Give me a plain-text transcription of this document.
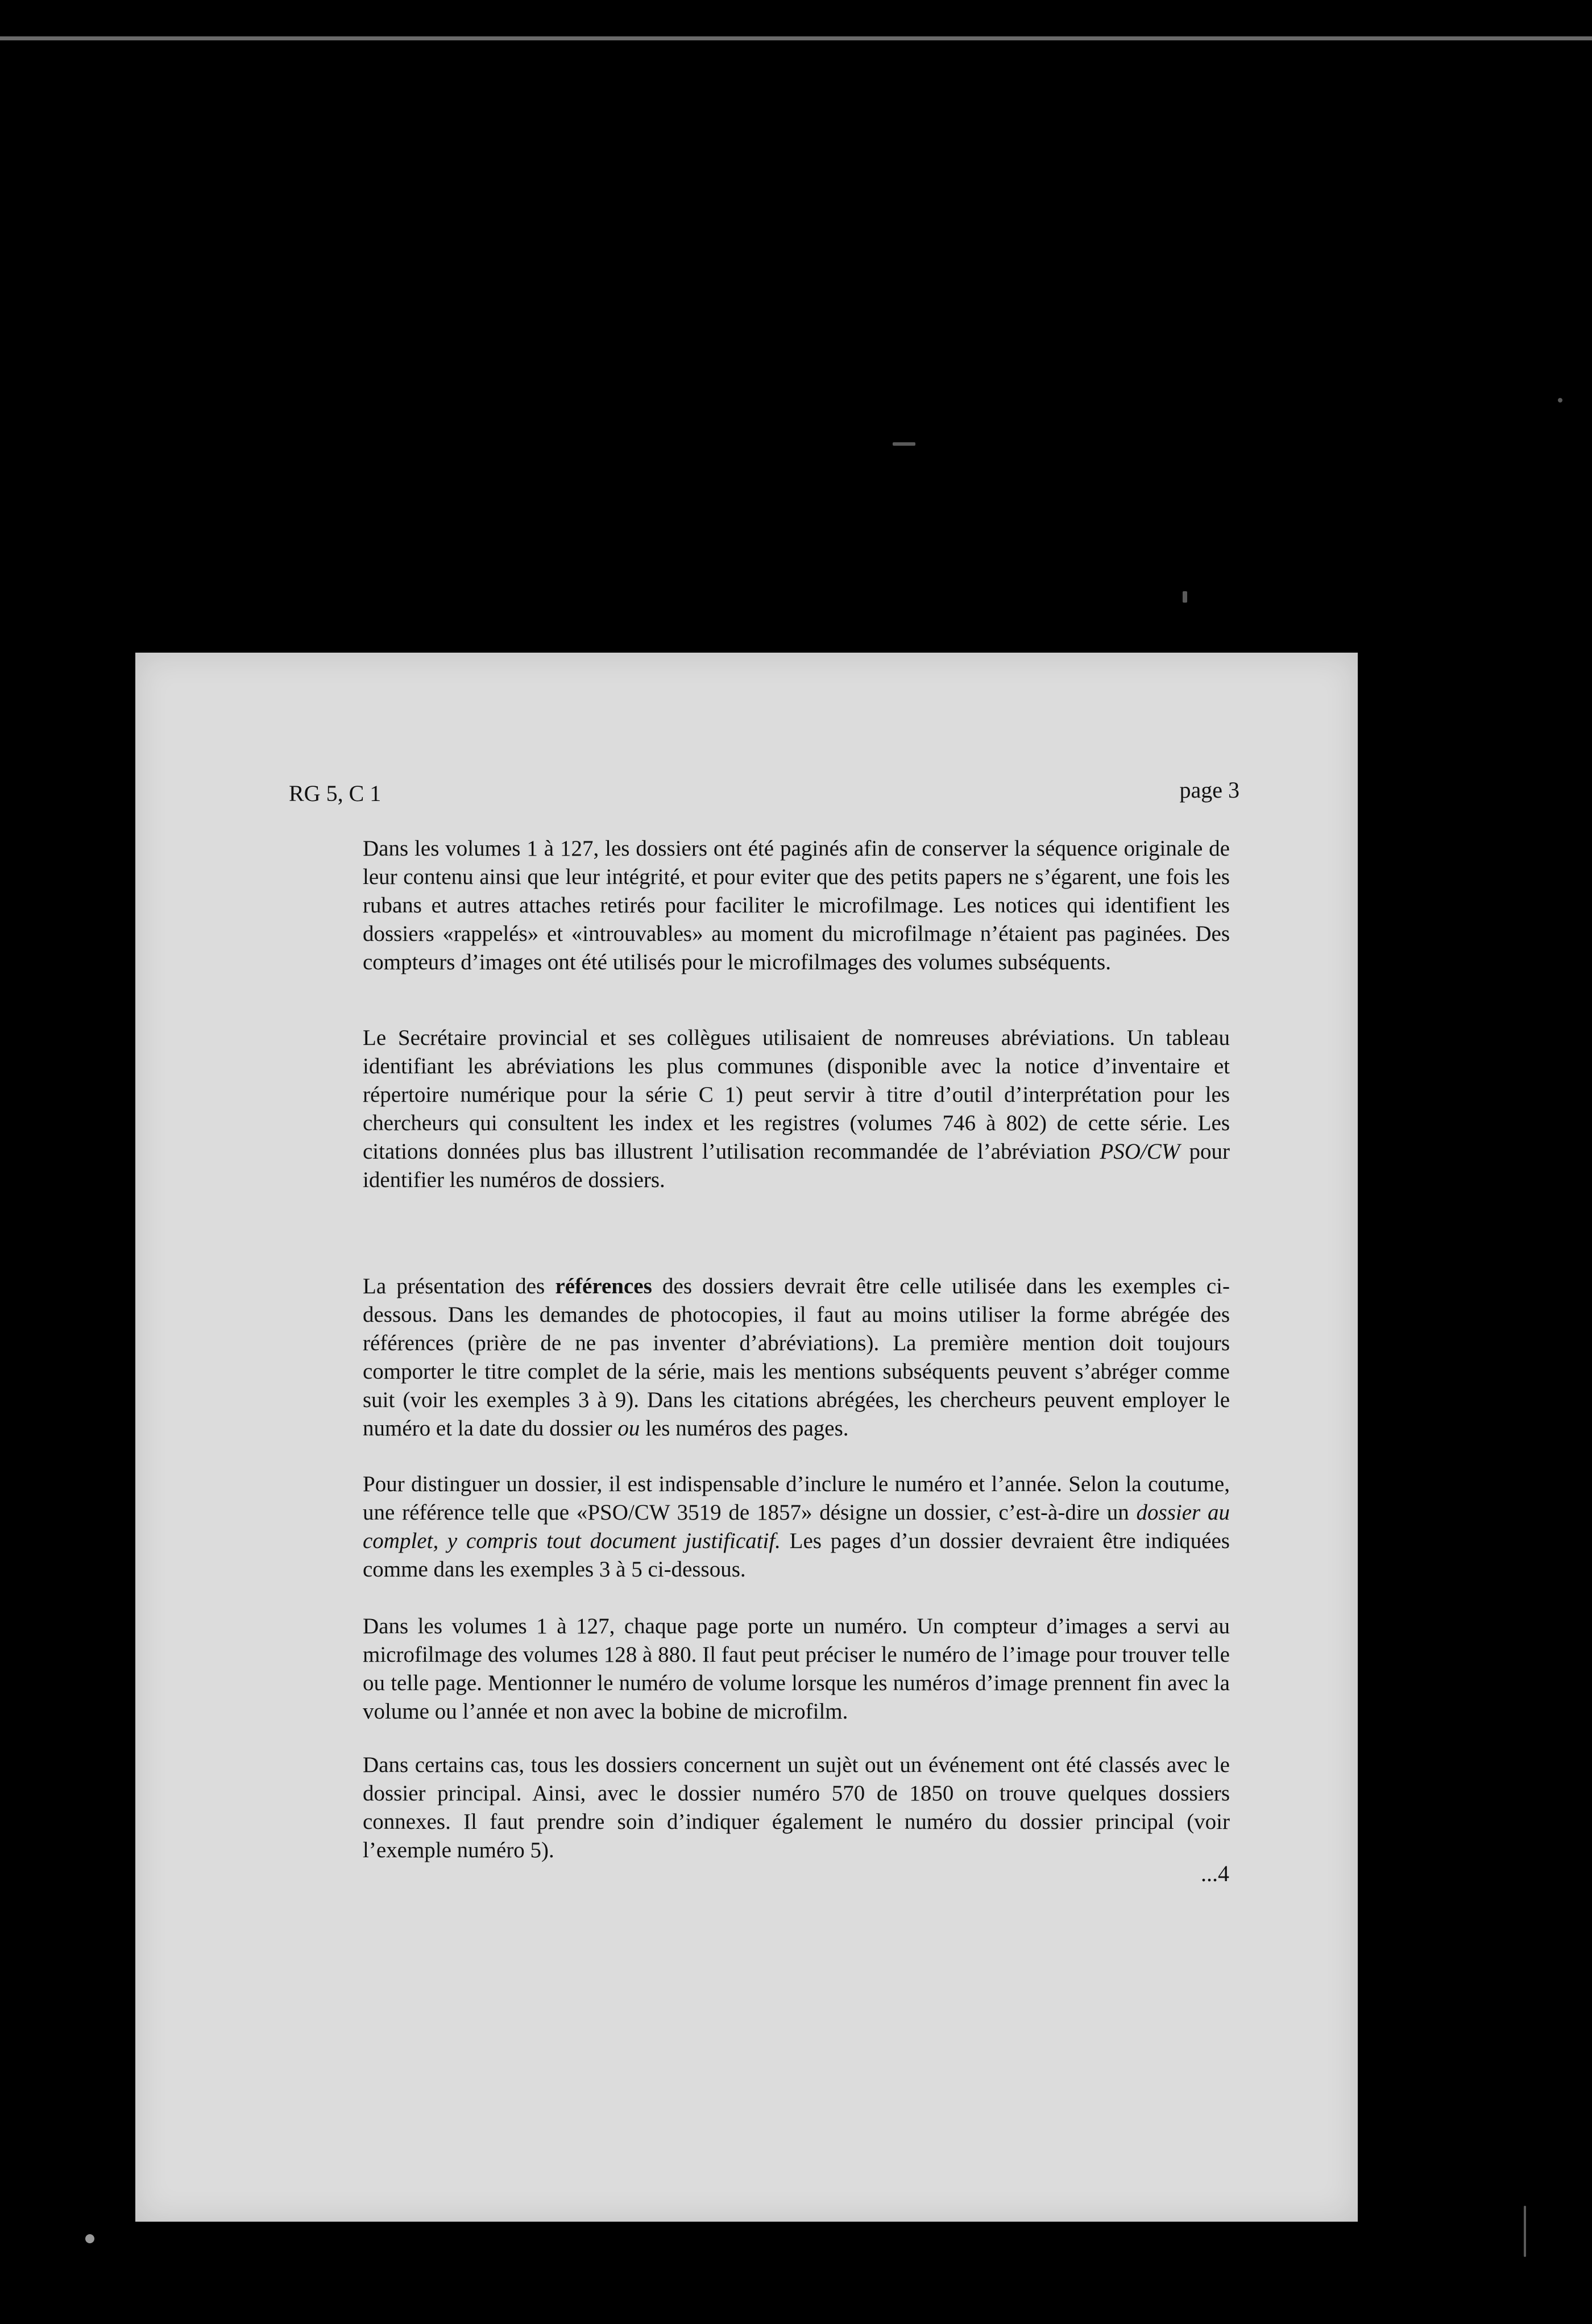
RG 5, C 1	page 3

Dans les volumes 1 à 127, les dossiers ont été paginés afin de conserver la séquence originale de leur contenu ainsi que leur intégrité, et pour eviter que des petits papers ne s’égarent, une fois les rubans et autres attaches retirés pour faciliter le microfilmage. Les notices qui identifient les dossiers «rappelés» et «introuvables» au moment du microfilmage n’étaient pas paginées. Des compteurs d’images ont été utilisés pour le microfilmages des volumes subséquents.

Le Secrétaire provincial et ses collègues utilisaient de nomreuses abréviations. Un tableau identifiant les abréviations les plus communes (disponible avec la notice d’inventaire et répertoire numérique pour la série C 1) peut servir à titre d’outil d’interprétation pour les chercheurs qui consultent les index et les registres (volumes 746 à 802) de cette série. Les citations données plus bas illustrent l’utilisation recommandée de l’abréviation PSO/CW pour identifier les numéros de dossiers.

La présentation des références des dossiers devrait être celle utilisée dans les exemples ci-dessous. Dans les demandes de photocopies, il faut au moins utiliser la forme abrégée des références (prière de ne pas inventer d’abréviations). La première mention doit toujours comporter le titre complet de la série, mais les mentions subséquents peuvent s’abréger comme suit (voir les exemples 3 à 9). Dans les citations abrégées, les chercheurs peuvent employer le numéro et la date du dossier ou les numéros des pages.

Pour distinguer un dossier, il est indispensable d’inclure le numéro et l’année. Selon la coutume, une référence telle que «PSO/CW 3519 de 1857» désigne un dossier, c’est-à-dire un dossier au complet, y compris tout document justificatif. Les pages d’un dossier devraient être indiquées comme dans les exemples 3 à 5 ci-dessous.

Dans les volumes 1 à 127, chaque page porte un numéro. Un compteur d’images a servi au microfilmage des volumes 128 à 880. Il faut peut préciser le numéro de l’image pour trouver telle ou telle page. Mentionner le numéro de volume lorsque les numéros d’image prennent fin avec la volume ou l’année et non avec la bobine de microfilm.

Dans certains cas, tous les dossiers concernent un sujèt out un événement ont été classés avec le dossier principal. Ainsi, avec le dossier numéro 570 de 1850 on trouve quelques dossiers connexes. Il faut prendre soin d’indiquer également le numéro du dossier principal (voir l’exemple numéro 5).

...4
